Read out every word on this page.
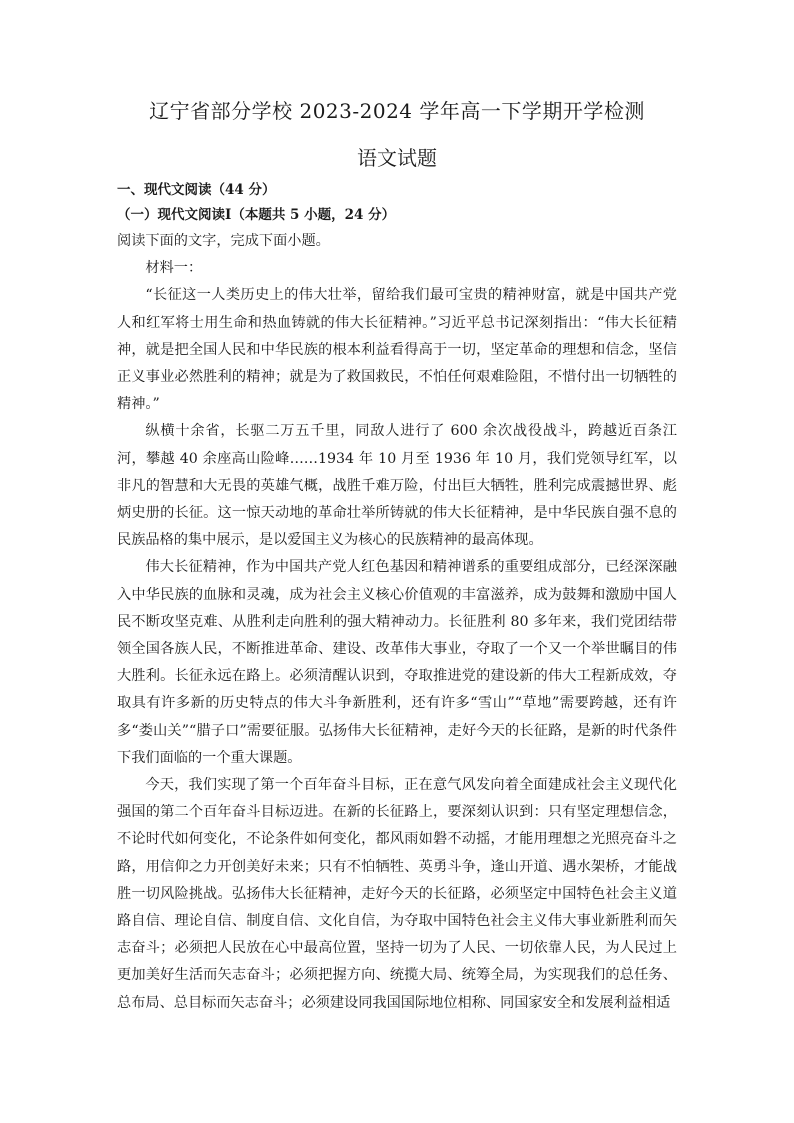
辽宁省部分学校 2023-2024 学年高一下学期开学检测
语文试题

一、现代文阅读（44 分）

（一）现代文阅读Ⅰ（本题共 5 小题，24 分）

阅读下面的文字，完成下面小题。

材料一：

“长征这一人类历史上的伟大壮举，留给我们最可宝贵的精神财富，就是中国共产党人和红军将士用生命和热血铸就的伟大长征精神。”习近平总书记深刻指出：“伟大长征精神，就是把全国人民和中华民族的根本利益看得高于一切，坚定革命的理想和信念，坚信正义事业必然胜利的精神；就是为了救国救民，不怕任何艰难险阻，不惜付出一切牺牲的精神。”

纵横十余省，长驱二万五千里，同敌人进行了 600 余次战役战斗，跨越近百条江河，攀越 40 余座高山险峰……1934 年 10 月至 1936 年 10 月，我们党领导红军，以非凡的智慧和大无畏的英雄气概，战胜千难万险，付出巨大牺牲，胜利完成震撼世界、彪炳史册的长征。这一惊天动地的革命壮举所铸就的伟大长征精神，是中华民族自强不息的民族品格的集中展示，是以爱国主义为核心的民族精神的最高体现。

伟大长征精神，作为中国共产党人红色基因和精神谱系的重要组成部分，已经深深融入中华民族的血脉和灵魂，成为社会主义核心价值观的丰富滋养，成为鼓舞和激励中国人民不断攻坚克难、从胜利走向胜利的强大精神动力。长征胜利 80 多年来，我们党团结带领全国各族人民，不断推进革命、建设、改革伟大事业，夺取了一个又一个举世瞩目的伟大胜利。长征永远在路上。必须清醒认识到，夺取推进党的建设新的伟大工程新成效，夺取具有许多新的历史特点的伟大斗争新胜利，还有许多“雪山”“草地”需要跨越，还有许多“娄山关”“腊子口”需要征服。弘扬伟大长征精神，走好今天的长征路，是新的时代条件下我们面临的一个重大课题。

今天，我们实现了第一个百年奋斗目标，正在意气风发向着全面建成社会主义现代化强国的第二个百年奋斗目标迈进。在新的长征路上，要深刻认识到：只有坚定理想信念，不论时代如何变化，不论条件如何变化，都风雨如磐不动摇，才能用理想之光照亮奋斗之路，用信仰之力开创美好未来；只有不怕牺牲、英勇斗争，逢山开道、遇水架桥，才能战胜一切风险挑战。弘扬伟大长征精神，走好今天的长征路，必须坚定中国特色社会主义道路自信、理论自信、制度自信、文化自信，为夺取中国特色社会主义伟大事业新胜利而矢志奋斗；必须把人民放在心中最高位置，坚持一切为了人民、一切依靠人民，为人民过上更加美好生活而矢志奋斗；必须把握方向、统揽大局、统筹全局，为实现我们的总任务、总布局、总目标而矢志奋斗；必须建设同我国国际地位相称、同国家安全和发展利益相适
